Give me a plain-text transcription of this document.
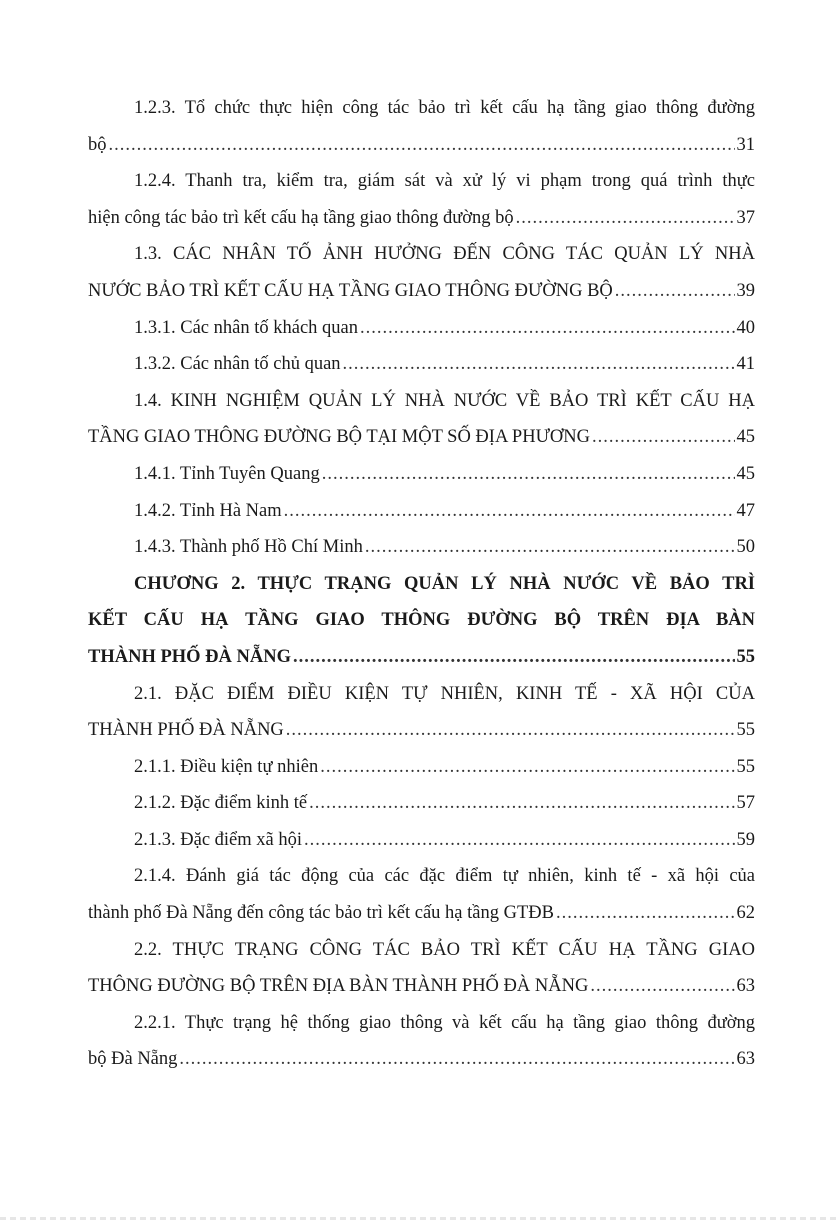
1.2.3. Tổ chức thực hiện công tác bảo trì kết cấu hạ tầng giao thông đường
bộ .....	31
1.2.4. Thanh tra, kiểm tra, giám sát và xử lý vi phạm trong quá trình thực
hiện công tác bảo trì kết cấu hạ tầng giao thông đường bộ .....	37
1.3. CÁC NHÂN TỐ ẢNH HƯỞNG ĐẾN CÔNG TÁC QUẢN LÝ NHÀ
NƯỚC BẢO TRÌ KẾT CẤU HẠ TẦNG GIAO THÔNG ĐƯỜNG BỘ .....	39
1.3.1. Các nhân tố khách quan .....	40
1.3.2. Các nhân tố chủ quan .....	41
1.4. KINH NGHIỆM QUẢN LÝ NHÀ NƯỚC VỀ BẢO TRÌ KẾT CẤU HẠ
TẦNG GIAO THÔNG ĐƯỜNG BỘ TẠI MỘT SỐ ĐỊA PHƯƠNG .....	45
1.4.1. Tỉnh Tuyên Quang .....	45
1.4.2. Tỉnh Hà Nam .....	47
1.4.3. Thành phố Hồ Chí Minh .....	50
CHƯƠNG 2. THỰC TRẠNG QUẢN LÝ NHÀ NƯỚC VỀ BẢO TRÌ
KẾT CẤU HẠ TẦNG GIAO THÔNG ĐƯỜNG BỘ TRÊN ĐỊA BÀN
THÀNH PHỐ ĐÀ NẴNG .....	55
2.1. ĐẶC ĐIỂM ĐIỀU KIỆN TỰ NHIÊN, KINH TẾ - XÃ HỘI CỦA
THÀNH PHỐ ĐÀ NẴNG .....	55
2.1.1. Điều kiện tự nhiên .....	55
2.1.2. Đặc điểm kinh tế .....	57
2.1.3. Đặc điểm xã hội .....	59
2.1.4. Đánh giá tác động của các đặc điểm tự nhiên, kinh tế - xã hội của
thành phố Đà Nẵng đến công tác bảo trì kết cấu hạ tầng GTĐB .....	62
2.2. THỰC TRẠNG CÔNG TÁC BẢO TRÌ KẾT CẤU HẠ TẦNG GIAO
THÔNG ĐƯỜNG BỘ TRÊN ĐỊA BÀN THÀNH PHỐ ĐÀ NẴNG .....	63
2.2.1. Thực trạng hệ thống giao thông và kết cấu hạ tầng giao thông đường
bộ Đà Nẵng .....	63
